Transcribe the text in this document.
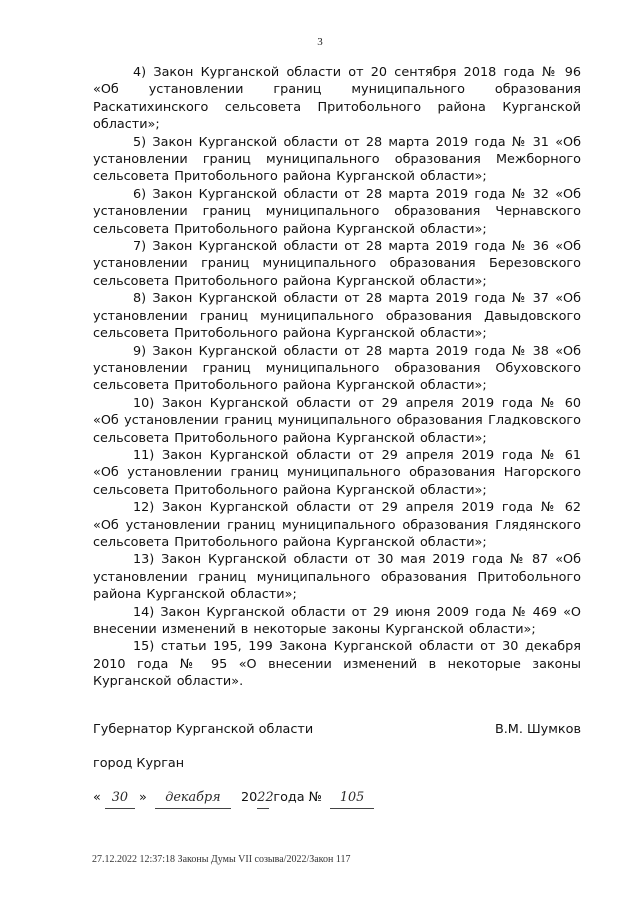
3

4) Закон Курганской области от 20 сентября 2018 года № 96 «Об установлении границ муниципального образования Раскатихинского сельсовета Притобольного района Курганской области»;

5) Закон Курганской области от 28 марта 2019 года № 31 «Об установлении границ муниципального образования Межборного сельсовета Притобольного района Курганской области»;

6) Закон Курганской области от 28 марта 2019 года № 32 «Об установлении границ муниципального образования Чернавского сельсовета Притобольного района Курганской области»;

7) Закон Курганской области от 28 марта 2019 года № 36 «Об установлении границ муниципального образования Березовского сельсовета Притобольного района Курганской области»;

8) Закон Курганской области от 28 марта 2019 года № 37 «Об установлении границ муниципального образования Давыдовского сельсовета Притобольного района Курганской области»;

9) Закон Курганской области от 28 марта 2019 года № 38 «Об установлении границ муниципального образования Обуховского сельсовета Притобольного района Курганской области»;

10) Закон Курганской области от 29 апреля 2019 года № 60 «Об установлении границ муниципального образования Гладковского сельсовета Притобольного района Курганской области»;

11) Закон Курганской области от 29 апреля 2019 года № 61 «Об установлении границ муниципального образования Нагорского сельсовета Притобольного района Курганской области»;

12) Закон Курганской области от 29 апреля 2019 года № 62 «Об установлении границ муниципального образования Глядянского сельсовета Притобольного района Курганской области»;

13) Закон Курганской области от 30 мая 2019 года № 87 «Об установлении границ муниципального образования Притобольного района Курганской области»;

14) Закон Курганской области от 29 июня 2009 года № 469 «О внесении изменений в некоторые законы Курганской области»;

15) статьи 195, 199 Закона Курганской области от 30 декабря 2010 года № 95 «О внесении изменений в некоторые законы Курганской области».

Губернатор Курганской области	В.М. Шумков
город Курган
« 30 » декабря 2022 года № 105
27.12.2022 12:37:18 Законы Думы VII созыва/2022/Закон 117
